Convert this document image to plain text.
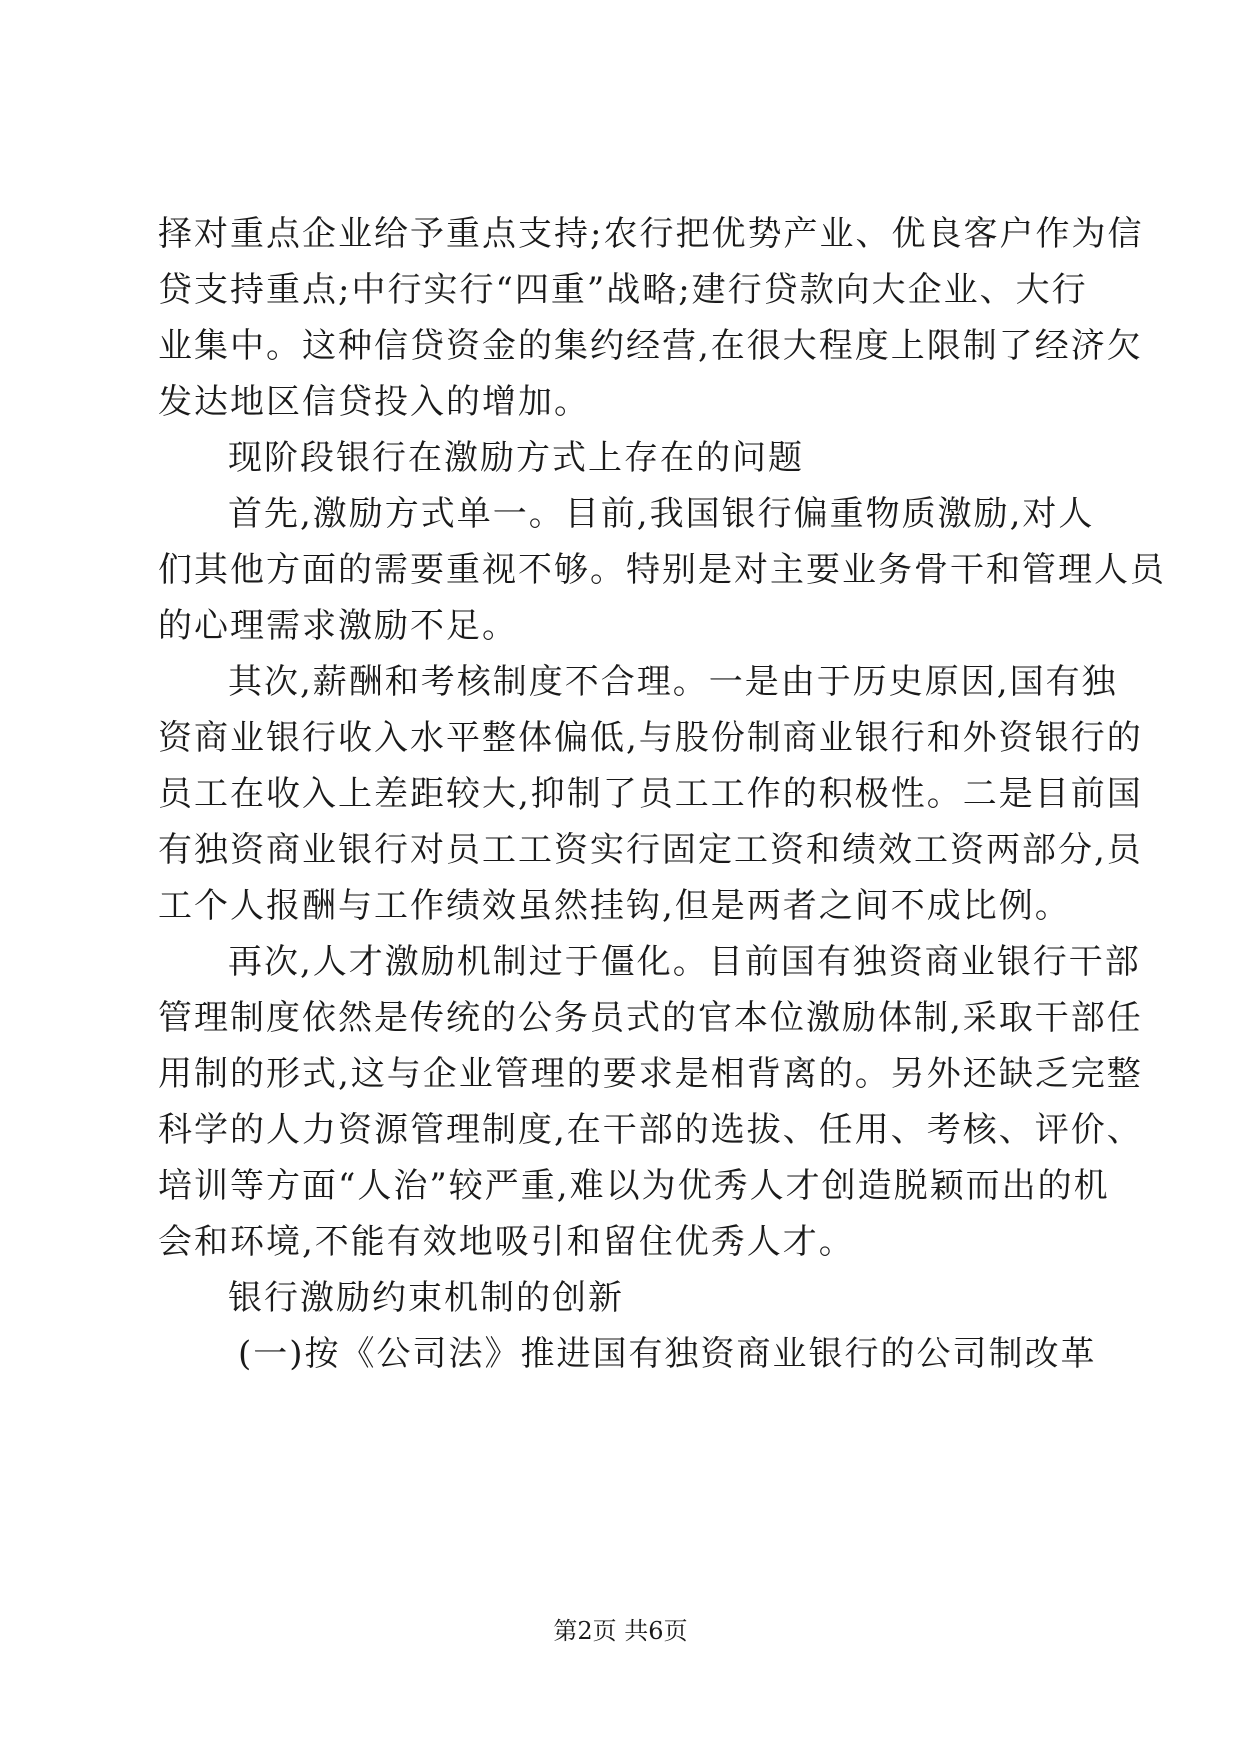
择对重点企业给予重点支持;农行把优势产业、优良客户作为信
贷支持重点;中行实行“四重”战略;建行贷款向大企业、大行
业集中。这种信贷资金的集约经营,在很大程度上限制了经济欠
发达地区信贷投入的增加。
现阶段银行在激励方式上存在的问题
首先,激励方式单一。目前,我国银行偏重物质激励,对人
们其他方面的需要重视不够。特别是对主要业务骨干和管理人员
的心理需求激励不足。
其次,薪酬和考核制度不合理。一是由于历史原因,国有独
资商业银行收入水平整体偏低,与股份制商业银行和外资银行的
员工在收入上差距较大,抑制了员工工作的积极性。二是目前国
有独资商业银行对员工工资实行固定工资和绩效工资两部分,员
工个人报酬与工作绩效虽然挂钩,但是两者之间不成比例。
再次,人才激励机制过于僵化。目前国有独资商业银行干部
管理制度依然是传统的公务员式的官本位激励体制,采取干部任
用制的形式,这与企业管理的要求是相背离的。另外还缺乏完整
科学的人力资源管理制度,在干部的选拔、任用、考核、评价、
培训等方面“人治”较严重,难以为优秀人才创造脱颖而出的机
会和环境,不能有效地吸引和留住优秀人才。
银行激励约束机制的创新
(一)按《公司法》推进国有独资商业银行的公司制改革
第2页 共6页
